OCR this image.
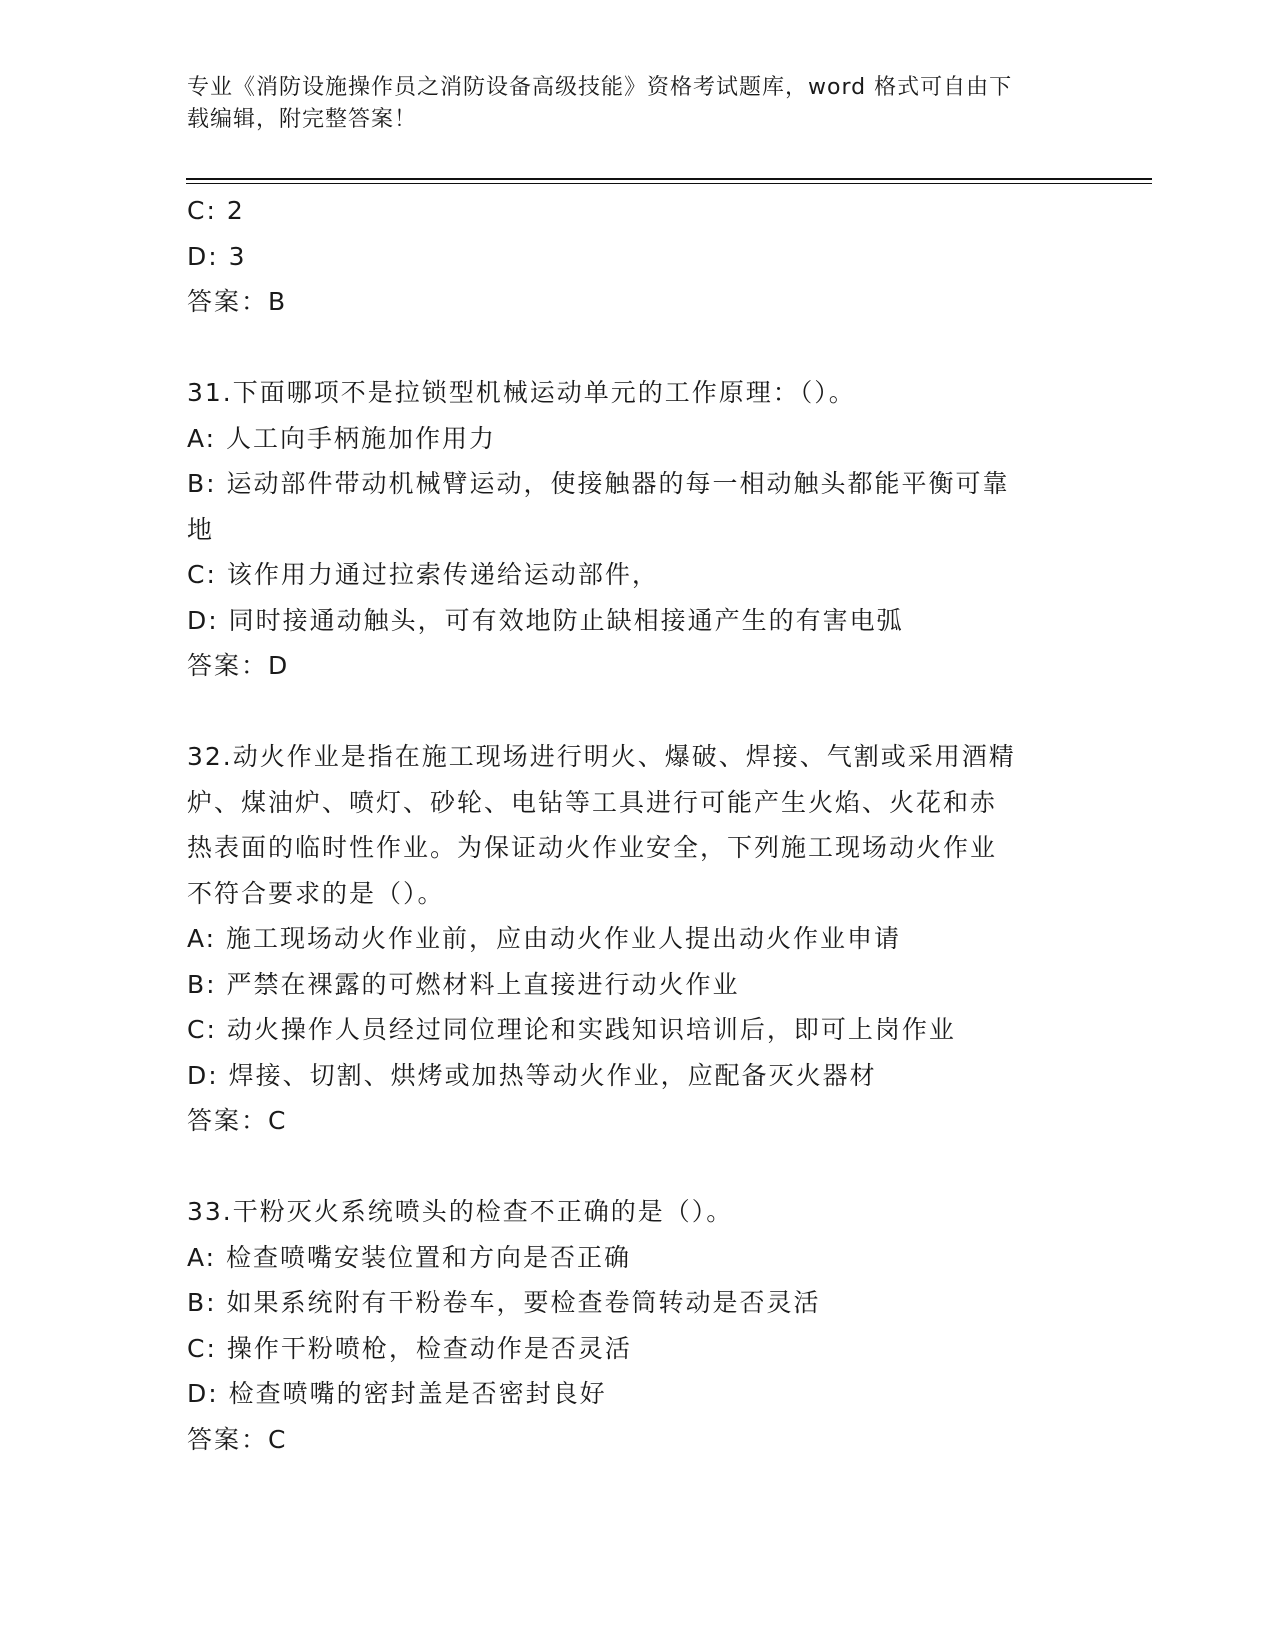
专业《消防设施操作员之消防设备高级技能》资格考试题库，word 格式可自由下
载编辑，附完整答案！
C: 2
D: 3
答案：B
31.下面哪项不是拉锁型机械运动单元的工作原理：（）。
A: 人工向手柄施加作用力
B: 运动部件带动机械臂运动，使接触器的每一相动触头都能平衡可靠
地
C: 该作用力通过拉索传递给运动部件，
D: 同时接通动触头，可有效地防止缺相接通产生的有害电弧
答案：D
32.动火作业是指在施工现场进行明火、爆破、焊接、气割或采用酒精
炉、煤油炉、喷灯、砂轮、电钻等工具进行可能产生火焰、火花和赤
热表面的临时性作业。为保证动火作业安全，下列施工现场动火作业
不符合要求的是（）。
A: 施工现场动火作业前，应由动火作业人提出动火作业申请
B: 严禁在裸露的可燃材料上直接进行动火作业
C: 动火操作人员经过同位理论和实践知识培训后，即可上岗作业
D: 焊接、切割、烘烤或加热等动火作业，应配备灭火器材
答案：C
33.干粉灭火系统喷头的检查不正确的是（）。
A: 检查喷嘴安装位置和方向是否正确
B: 如果系统附有干粉卷车，要检查卷筒转动是否灵活
C: 操作干粉喷枪，检查动作是否灵活
D: 检查喷嘴的密封盖是否密封良好
答案：C
